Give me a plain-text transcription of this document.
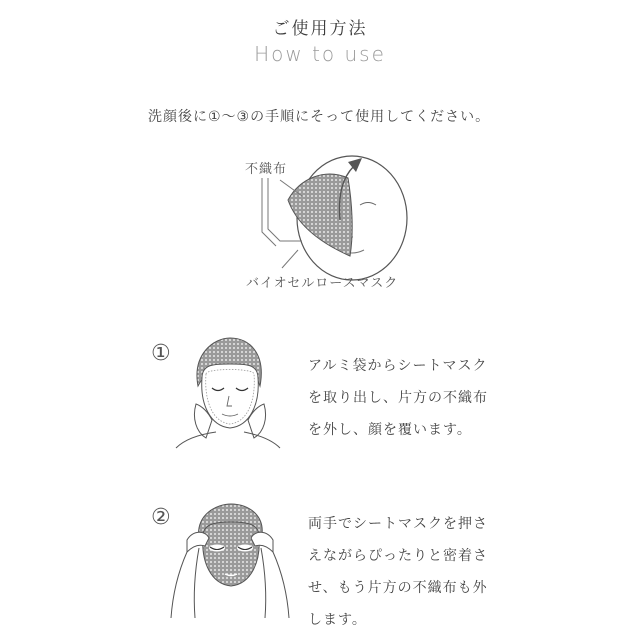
ご使用方法
How to use
洗顔後に①～③の手順にそって使用してください。
不織布
バイオセルロースマスク
①	アルミ袋からシートマスク
を取り出し、片方の不織布
を外し、顔を覆います。
②	両手でシートマスクを押さ
えながらぴったりと密着さ
せ、もう片方の不織布も外
します。
